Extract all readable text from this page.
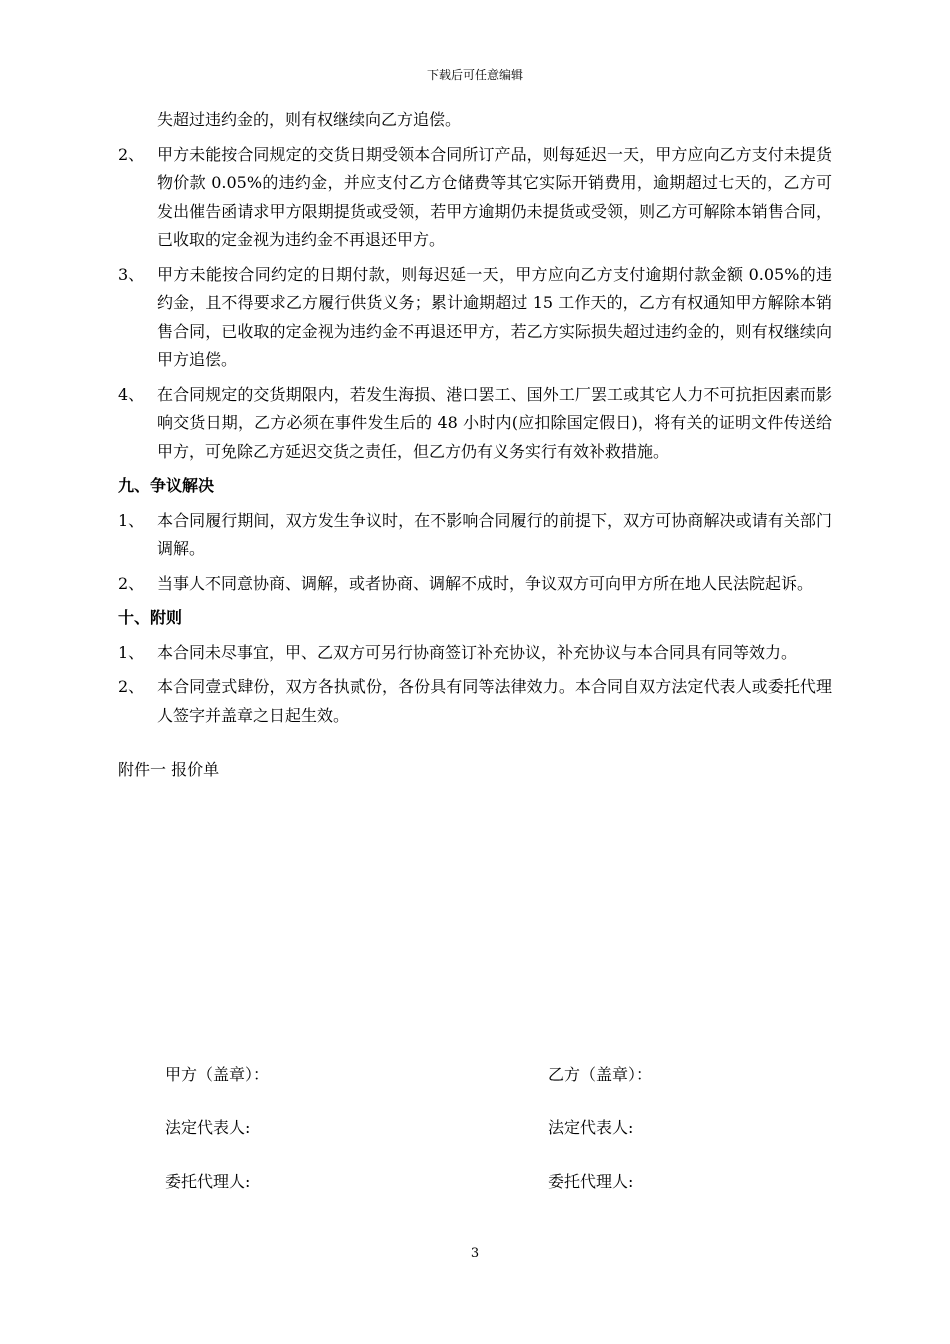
下载后可任意编辑

失超过违约金的，则有权继续向乙方追偿。

2、 甲方未能按合同规定的交货日期受领本合同所订产品，则每延迟一天，甲方应向乙方支付未提货物价款 0.05%的违约金，并应支付乙方仓储费等其它实际开销费用，逾期超过七天的，乙方可发出催告函请求甲方限期提货或受领，若甲方逾期仍未提货或受领，则乙方可解除本销售合同，已收取的定金视为违约金不再退还甲方。
3、 甲方未能按合同约定的日期付款，则每迟延一天，甲方应向乙方支付逾期付款金额 0.05%的违约金，且不得要求乙方履行供货义务；累计逾期超过 15 工作天的，乙方有权通知甲方解除本销售合同，已收取的定金视为违约金不再退还甲方，若乙方实际损失超过违约金的，则有权继续向甲方追偿。
4、 在合同规定的交货期限内，若发生海损、港口罢工、国外工厂罢工或其它人力不可抗拒因素而影响交货日期，乙方必须在事件发生后的 48 小时内(应扣除国定假日)，将有关的证明文件传送给甲方，可免除乙方延迟交货之责任，但乙方仍有义务实行有效补救措施。
九、争议解决
1、 本合同履行期间，双方发生争议时，在不影响合同履行的前提下，双方可协商解决或请有关部门调解。
2、 当事人不同意协商、调解，或者协商、调解不成时，争议双方可向甲方所在地人民法院起诉。
十、附则
1、 本合同未尽事宜，甲、乙双方可另行协商签订补充协议，补充协议与本合同具有同等效力。
2、 本合同壹式肆份，双方各执贰份，各份具有同等法律效力。本合同自双方法定代表人或委托代理人签字并盖章之日起生效。
附件一 报价单
甲方（盖章）：	乙方（盖章）：
法定代表人:	法定代表人:
委托代理人:	委托代理人:
3
